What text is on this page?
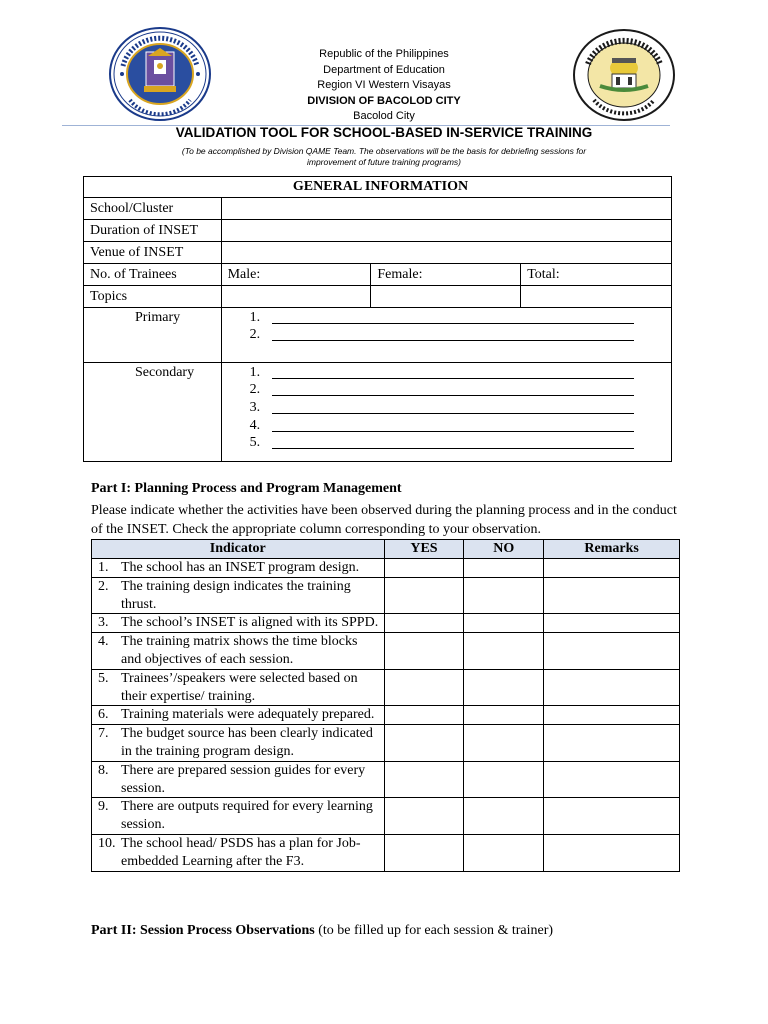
Republic of the Philippines
Department of Education
Region VI Western Visayas
DIVISION OF BACOLOD CITY
Bacolod City
VALIDATION TOOL FOR SCHOOL-BASED IN-SERVICE TRAINING
(To be accomplished by Division QAME Team. The observations will be the basis for debriefing sessions for
improvement of future training programs)
GENERAL INFORMATION			
School/Cluster			
Duration of INSET			
Venue of INSET			
No. of Trainees	Male:	Female:	Total:
Topics			
Primary	1.
2.		

Secondary	1.
2.
3.
4.
5.		
Part I: Planning Process and Program Management
Please indicate whether the activities have been observed during the planning process and in the conduct of the INSET. Check the appropriate column corresponding to your observation.
Indicator	YES	NO	Remarks

1. The school has an INSET program design.			

2. The training design indicates the training thrust.			

3. The school’s INSET is aligned with its SPPD.			

4. The training matrix shows the time blocks and objectives of each session.			

5. Trainees’/speakers were selected based on their expertise/ training.			

6. Training materials were adequately prepared.			

7. The budget source has been clearly indicated in the training program design.			

8. There are prepared session guides for every session.			

9. There are outputs required for every learning session.			

10. The school head/ PSDS has a plan for Job-embedded Learning after the F3.			

Part II: Session Process Observations (to be filled up for each session & trainer)
